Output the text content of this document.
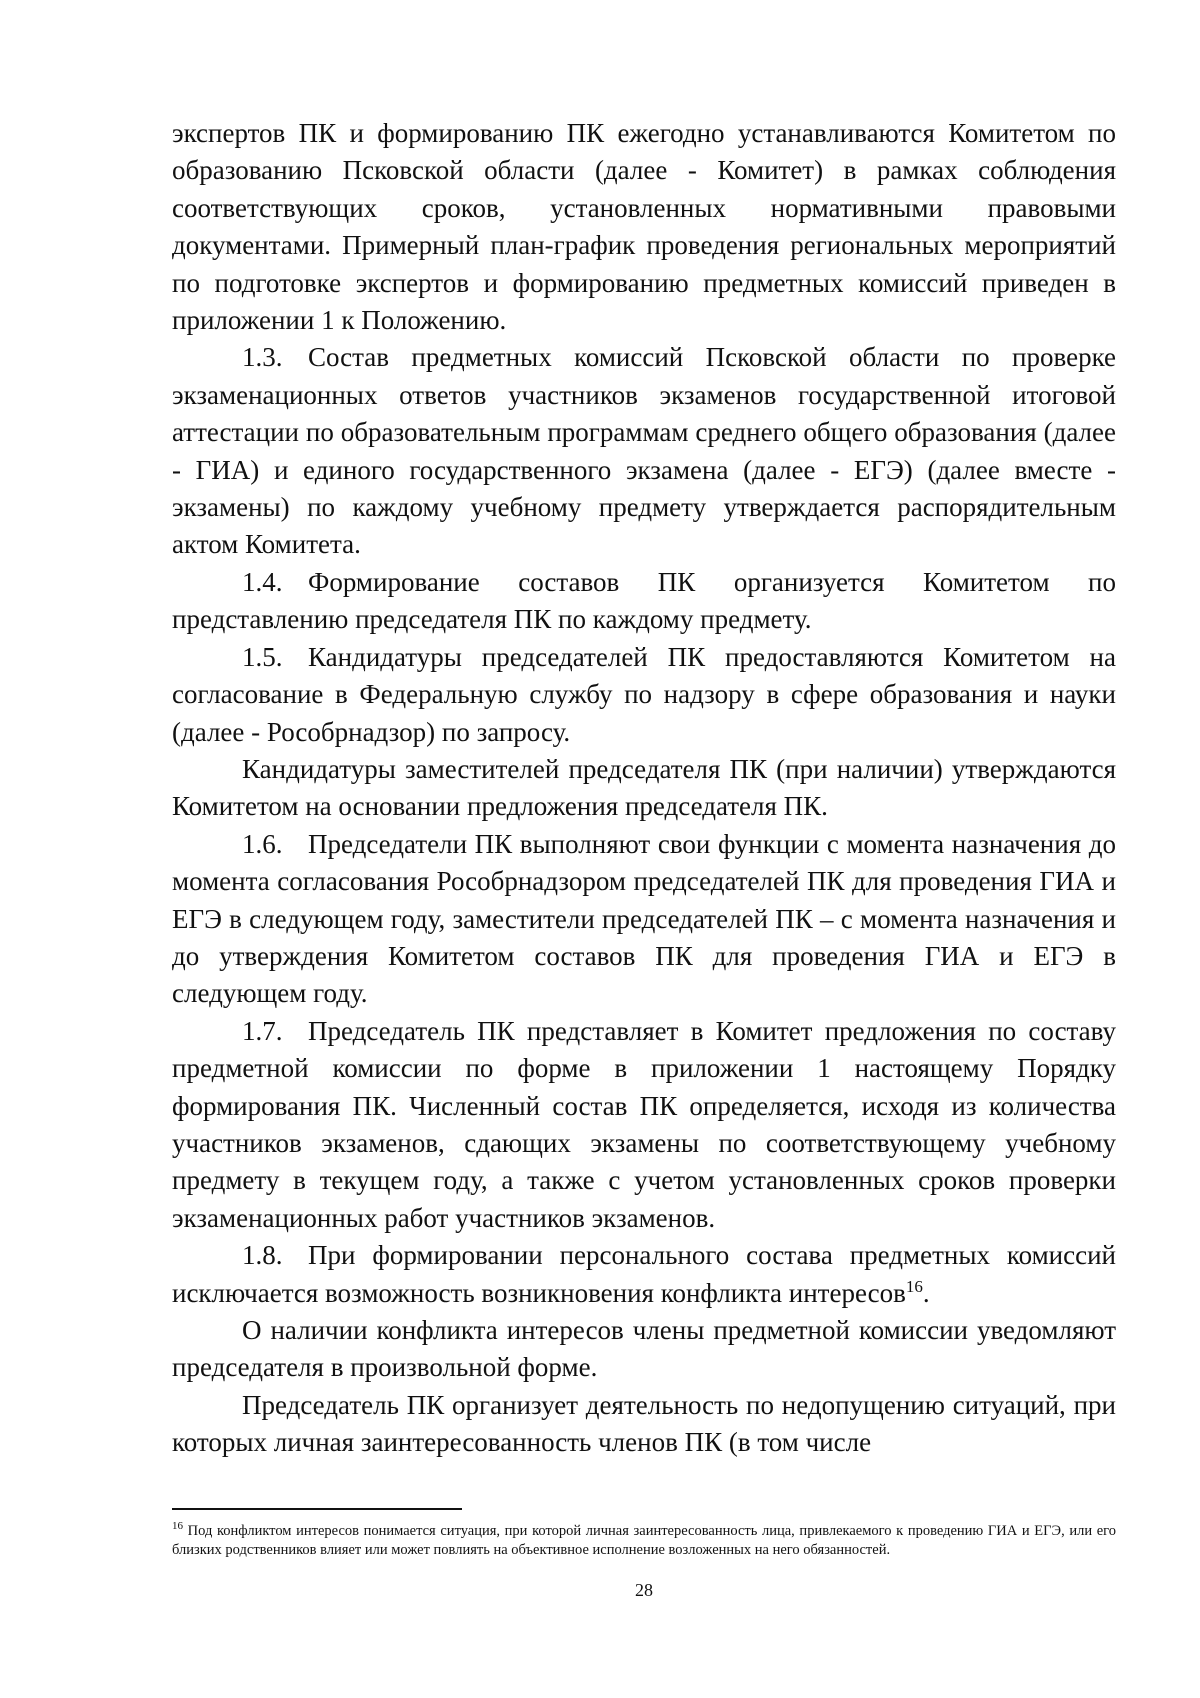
экспертов ПК и формированию ПК ежегодно устанавливаются Комитетом по образованию Псковской области (далее - Комитет) в рамках соблюдения соответствующих сроков, установленных нормативными правовыми документами. Примерный план-график проведения региональных мероприятий по подготовке экспертов и формированию предметных комиссий приведен в приложении 1 к Положению.

1.3. Состав предметных комиссий Псковской области по проверке экзаменационных ответов участников экзаменов государственной итоговой аттестации по образовательным программам среднего общего образования (далее - ГИА) и единого государственного экзамена (далее - ЕГЭ) (далее вместе - экзамены) по каждому учебному предмету утверждается распорядительным актом Комитета.

1.4. Формирование составов ПК организуется Комитетом по представлению председателя ПК по каждому предмету.

1.5. Кандидатуры председателей ПК предоставляются Комитетом на согласование в Федеральную службу по надзору в сфере образования и науки (далее - Рособрнадзор) по запросу.

Кандидатуры заместителей председателя ПК (при наличии) утверждаются Комитетом на основании предложения председателя ПК.

1.6. Председатели ПК выполняют свои функции с момента назначения до момента согласования Рособрнадзором председателей ПК для проведения ГИА и ЕГЭ в следующем году, заместители председателей ПК – с момента назначения и до утверждения Комитетом составов ПК для проведения ГИА и ЕГЭ в следующем году.

1.7. Председатель ПК представляет в Комитет предложения по составу предметной комиссии по форме в приложении 1 настоящему Порядку формирования ПК. Численный состав ПК определяется, исходя из количества участников экзаменов, сдающих экзамены по соответствующему учебному предмету в текущем году, а также с учетом установленных сроков проверки экзаменационных работ участников экзаменов.

1.8. При формировании персонального состава предметных комиссий исключается возможность возникновения конфликта интересов$^{16}$.

О наличии конфликта интересов члены предметной комиссии уведомляют председателя в произвольной форме.

Председатель ПК организует деятельность по недопущению ситуаций, при которых личная заинтересованность членов ПК (в том числе

$^{16}$ Под конфликтом интересов понимается ситуация, при которой личная заинтересованность лица, привлекаемого к проведению ГИА и ЕГЭ, или его близких родственников влияет или может повлиять на объективное исполнение возложенных на него обязанностей.
28
